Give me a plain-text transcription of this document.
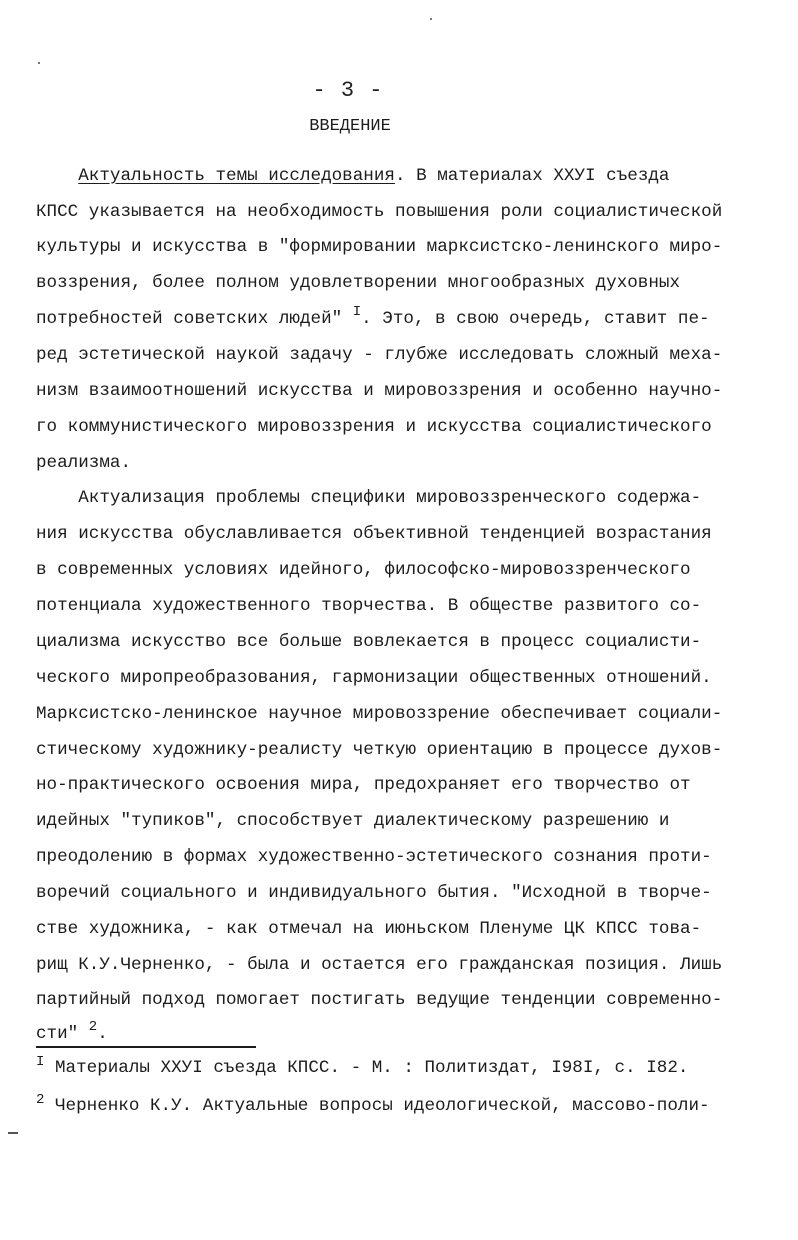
- 3 -
ВВЕДЕНИЕ
Актуальность темы исследования. В материалах ХХУI съезда
КПСС указывается на необходимость повышения роли социалистической
культуры и искусства в "формировании марксистско-ленинского миро-
воззрения, более полном удовлетворении многообразных духовных
потребностей советских людей" $^I$. Это, в свою очередь, ставит пе-
ред эстетической наукой задачу - глубже исследовать сложный меха-
низм взаимоотношений искусства и мировоззрения и особенно научно-
го коммунистического мировоззрения и искусства социалистического
реализма.
Актуализация проблемы специфики мировоззренческого содержа-
ния искусства обуславливается объективной тенденцией возрастания
в современных условиях идейного, философско-мировоззренческого
потенциала художественного творчества. В обществе развитого со-
циализма искусство все больше вовлекается в процесс социалисти-
ческого миропреобразования, гармонизации общественных отношений.
Марксистско-ленинское научное мировоззрение обеспечивает социали-
стическому художнику-реалисту четкую ориентацию в процессе духов-
но-практического освоения мира, предохраняет его творчество от
идейных "тупиков", способствует диалектическому разрешению и
преодолению в формах художественно-эстетического сознания проти-
воречий социального и индивидуального бытия. "Исходной в творче-
стве художника, - как отмечал на июньском Пленуме ЦК КПСС това-
рищ К.У.Черненко, - была и остается его гражданская позиция. Лишь
партийный подход помогает постигать ведущие тенденции современно-
сти" $^2$.
$^I$ Материалы ХХУI съезда КПСС. - М. : Политиздат, I98I, с. I82.
$^2$ Черненко К.У. Актуальные вопросы идеологической, массово-поли-
